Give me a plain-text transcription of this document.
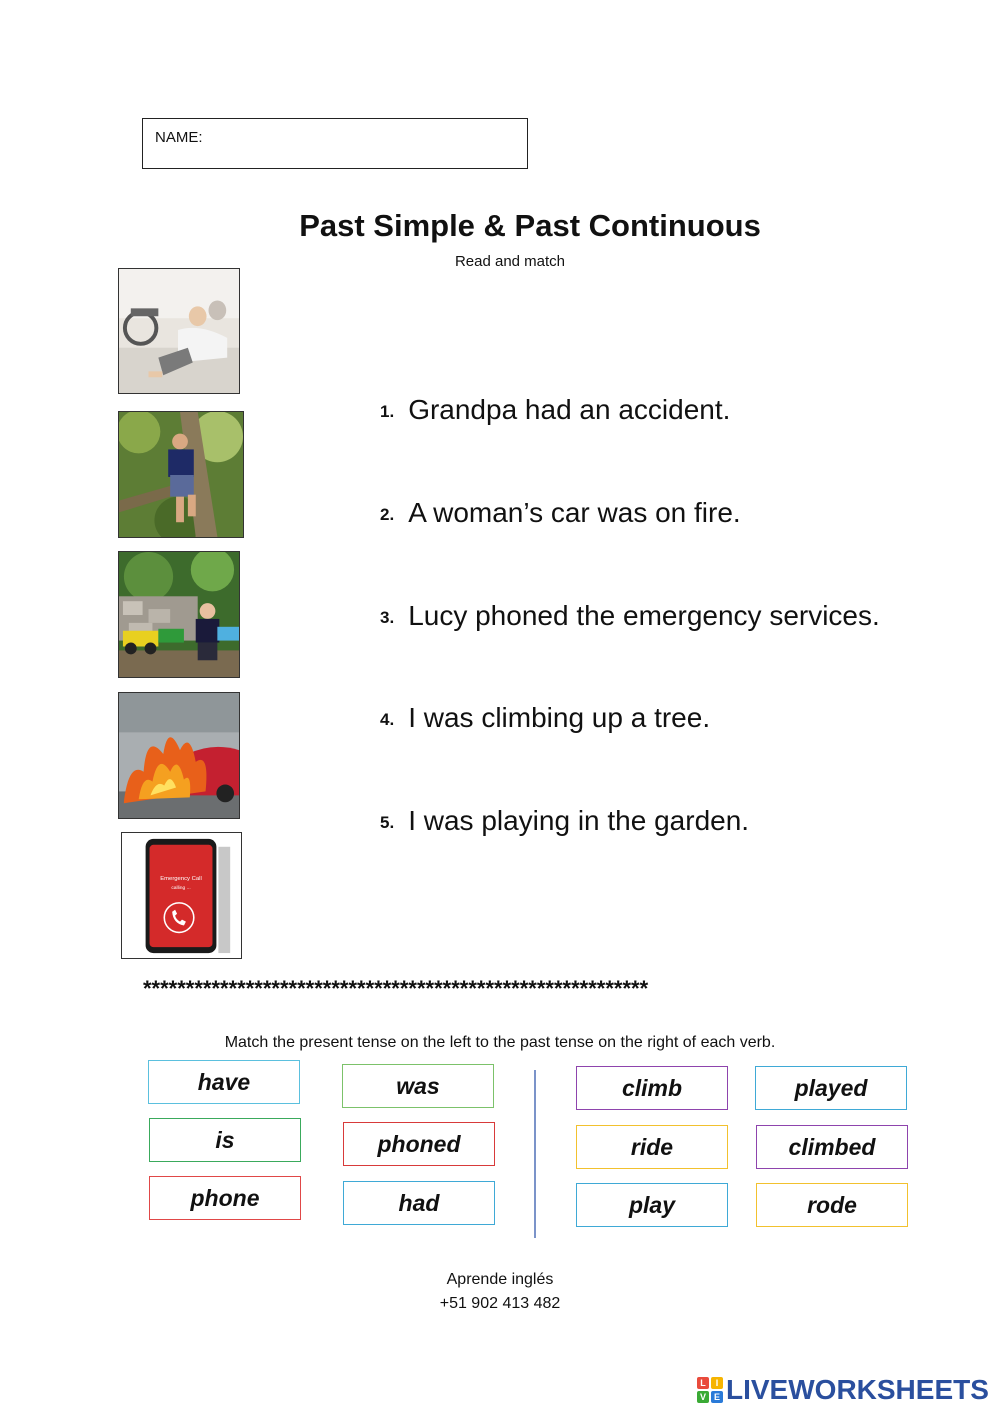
NAME:
Past Simple & Past Continuous
Read and match
Emergency Call
calling ...
1. Grandpa had an accident.
2. A woman’s car was on fire.
3. Lucy phoned the emergency services.
4. I was climbing up a tree.
5. I was playing in the garden.
***********************************************************
Match the present tense on the left to the past tense on the right of each verb.
have
is
phone
was
phoned
had
climb
ride
play
played
climbed
rode
Aprende inglés
+51 902 413 482
L	I
V E LIVEWORKSHEETS
